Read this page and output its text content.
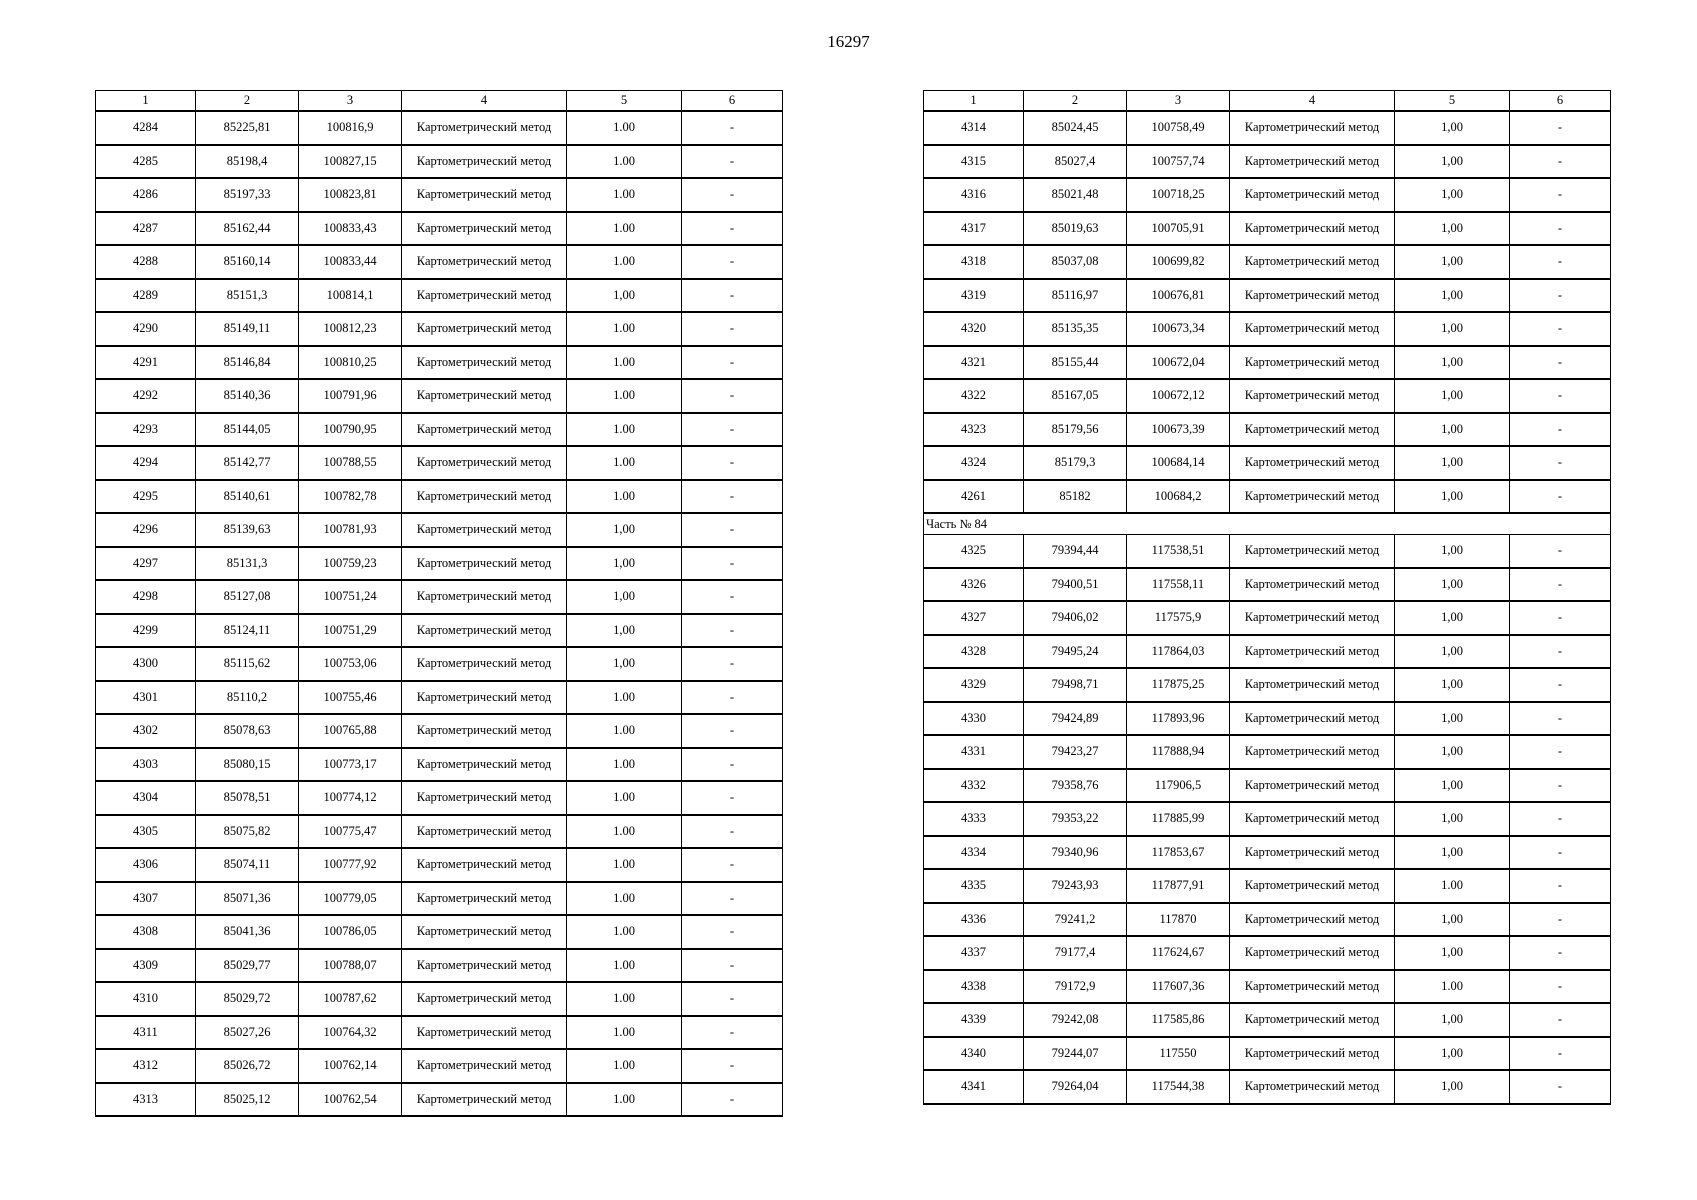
16297
1	2	3	4	5	6
4284	85225,81	100816,9	Картометрический метод	1.00	-
4285	85198,4	100827,15	Картометрический метод	1.00	-
4286	85197,33	100823,81	Картометрический метод	1.00	-
4287	85162,44	100833,43	Картометрический метод	1.00	-
4288	85160,14	100833,44	Картометрический метод	1.00	-
4289	85151,3	100814,1	Картометрический метод	1,00	-
4290	85149,11	100812,23	Картометрический метод	1.00	-
4291	85146,84	100810,25	Картометрический метод	1.00	-
4292	85140,36	100791,96	Картометрический метод	1.00	-
4293	85144,05	100790,95	Картометрический метод	1.00	-
4294	85142,77	100788,55	Картометрический метод	1.00	-
4295	85140,61	100782,78	Картометрический метод	1.00	-
4296	85139,63	100781,93	Картометрический метод	1,00	-
4297	85131,3	100759,23	Картометрический метод	1,00	-
4298	85127,08	100751,24	Картометрический метод	1,00	-
4299	85124,11	100751,29	Картометрический метод	1,00	-
4300	85115,62	100753,06	Картометрический метод	1,00	-
4301	85110,2	100755,46	Картометрический метод	1.00	-
4302	85078,63	100765,88	Картометрический метод	1.00	-
4303	85080,15	100773,17	Картометрический метод	1.00	-
4304	85078,51	100774,12	Картометрический метод	1.00	-
4305	85075,82	100775,47	Картометрический метод	1.00	-
4306	85074,11	100777,92	Картометрический метод	1.00	-
4307	85071,36	100779,05	Картометрический метод	1.00	-
4308	85041,36	100786,05	Картометрический метод	1.00	-
4309	85029,77	100788,07	Картометрический метод	1.00	-
4310	85029,72	100787,62	Картометрический метод	1.00	-
4311	85027,26	100764,32	Картометрический метод	1.00	-
4312	85026,72	100762,14	Картометрический метод	1.00	-
4313	85025,12	100762,54	Картометрический метод	1.00	-
1	2	3	4	5	6
4314	85024,45	100758,49	Картометрический метод	1,00	-
4315	85027,4	100757,74	Картометрический метод	1,00	-
4316	85021,48	100718,25	Картометрический метод	1,00	-
4317	85019,63	100705,91	Картометрический метод	1,00	-
4318	85037,08	100699,82	Картометрический метод	1,00	-
4319	85116,97	100676,81	Картометрический метод	1,00	-
4320	85135,35	100673,34	Картометрический метод	1,00	-
4321	85155,44	100672,04	Картометрический метод	1,00	-
4322	85167,05	100672,12	Картометрический метод	1,00	-
4323	85179,56	100673,39	Картометрический метод	1,00	-
4324	85179,3	100684,14	Картометрический метод	1,00	-
4261	85182	100684,2	Картометрический метод	1,00	-
Часть № 84					
4325	79394,44	117538,51	Картометрический метод	1,00	-
4326	79400,51	117558,11	Картометрический метод	1,00	-
4327	79406,02	117575,9	Картометрический метод	1,00	-
4328	79495,24	117864,03	Картометрический метод	1,00	-
4329	79498,71	117875,25	Картометрический метод	1,00	-
4330	79424,89	117893,96	Картометрический метод	1,00	-
4331	79423,27	117888,94	Картометрический метод	1,00	-
4332	79358,76	117906,5	Картометрический метод	1,00	-
4333	79353,22	117885,99	Картометрический метод	1,00	-
4334	79340,96	117853,67	Картометрический метод	1,00	-
4335	79243,93	117877,91	Картометрический метод	1.00	-
4336	79241,2	117870	Картометрический метод	1,00	-
4337	79177,4	117624,67	Картометрический метод	1,00	-
4338	79172,9	117607,36	Картометрический метод	1.00	-
4339	79242,08	117585,86	Картометрический метод	1,00	-
4340	79244,07	117550	Картометрический метод	1,00	-
4341	79264,04	117544,38	Картометрический метод	1,00	-
